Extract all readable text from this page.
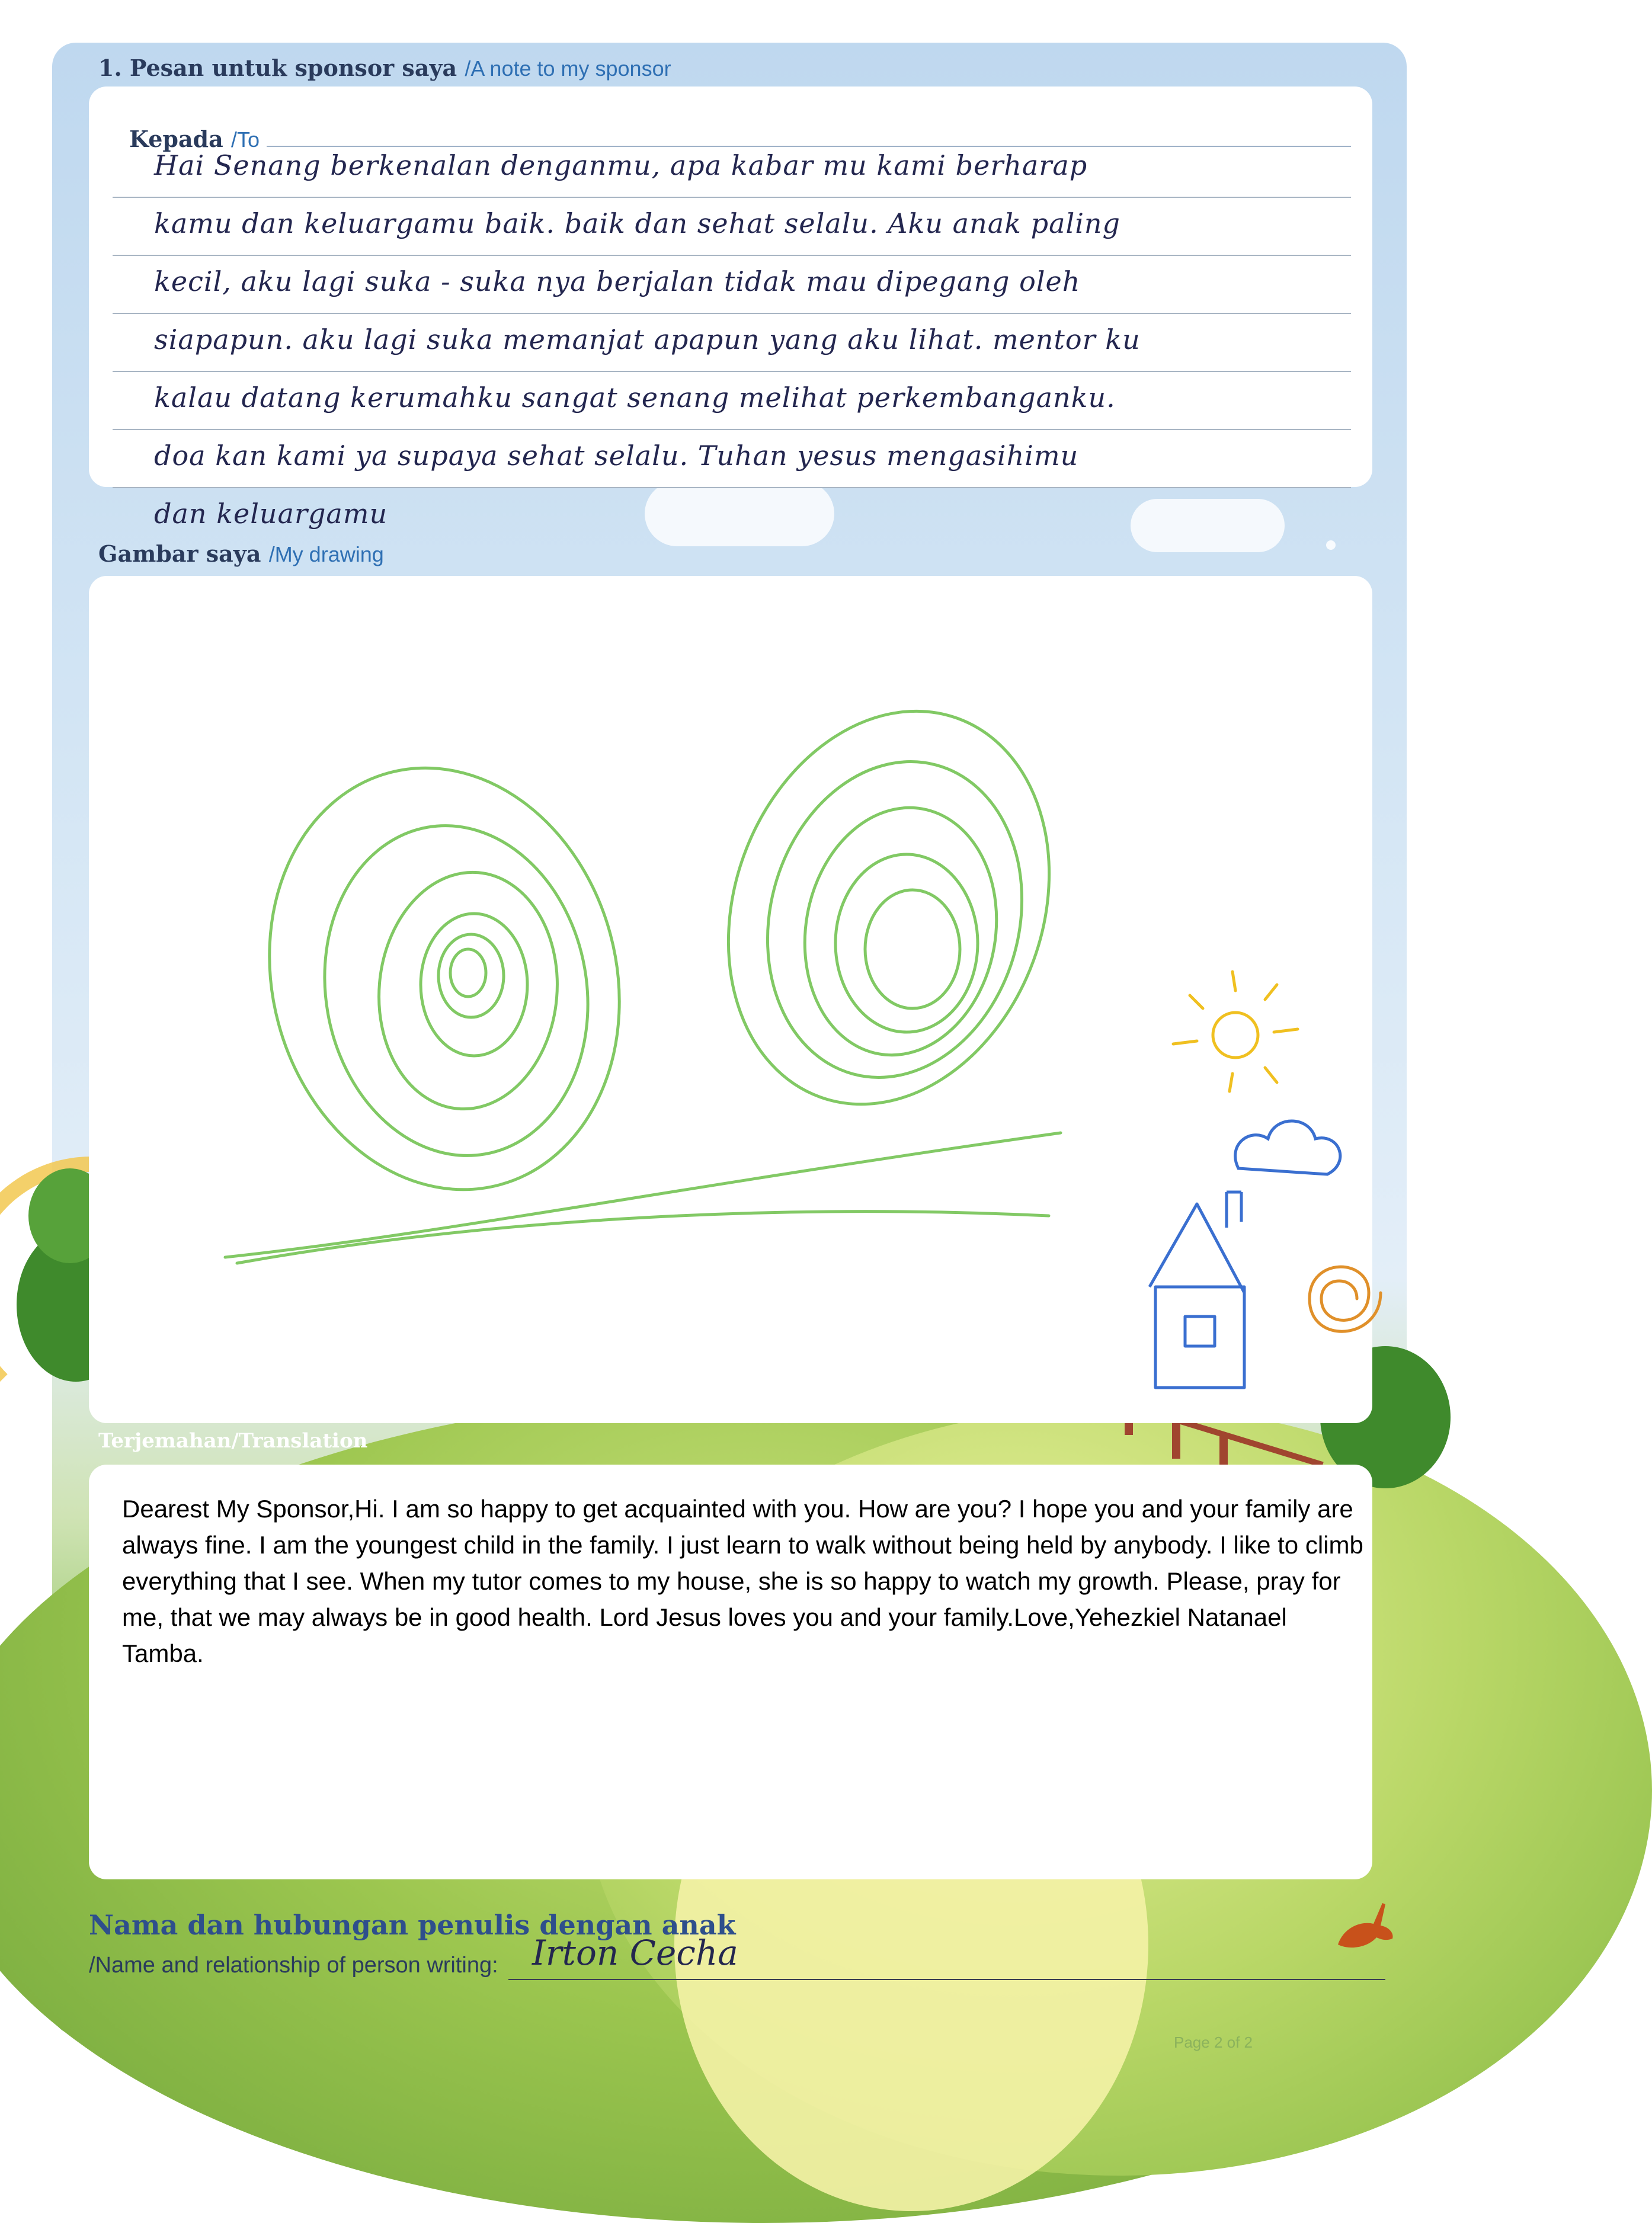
1. Pesan untuk sponsor saya /A note to my sponsor
Kepada /To
Hai Senang berkenalan denganmu, apa kabar mu kami berharap
kamu dan keluargamu baik. baik dan sehat selalu. Aku anak paling
kecil, aku lagi suka - suka nya berjalan tidak mau dipegang oleh
siapapun. aku lagi suka memanjat apapun yang aku lihat. mentor ku
kalau datang kerumahku sangat senang melihat perkembanganku.
doa kan kami ya supaya sehat selalu. Tuhan yesus mengasihimu
dan keluargamu
Gambar saya /My drawing
Terjemahan/Translation
Dearest My Sponsor,Hi. I am so happy to get acquainted with you. How are you? I hope you and your family are always fine. I am the youngest child in the family. I just learn to walk without being held by anybody. I like to climb everything that I see. When my tutor comes to my house, she is so happy to watch my growth. Please, pray for me, that we may always be in good health. Lord Jesus loves you and your family.Love,Yehezkiel Natanael Tamba.
Nama dan hubungan penulis dengan anak
/Name and relationship of person writing: Irton Cecha
Page 2 of 2
